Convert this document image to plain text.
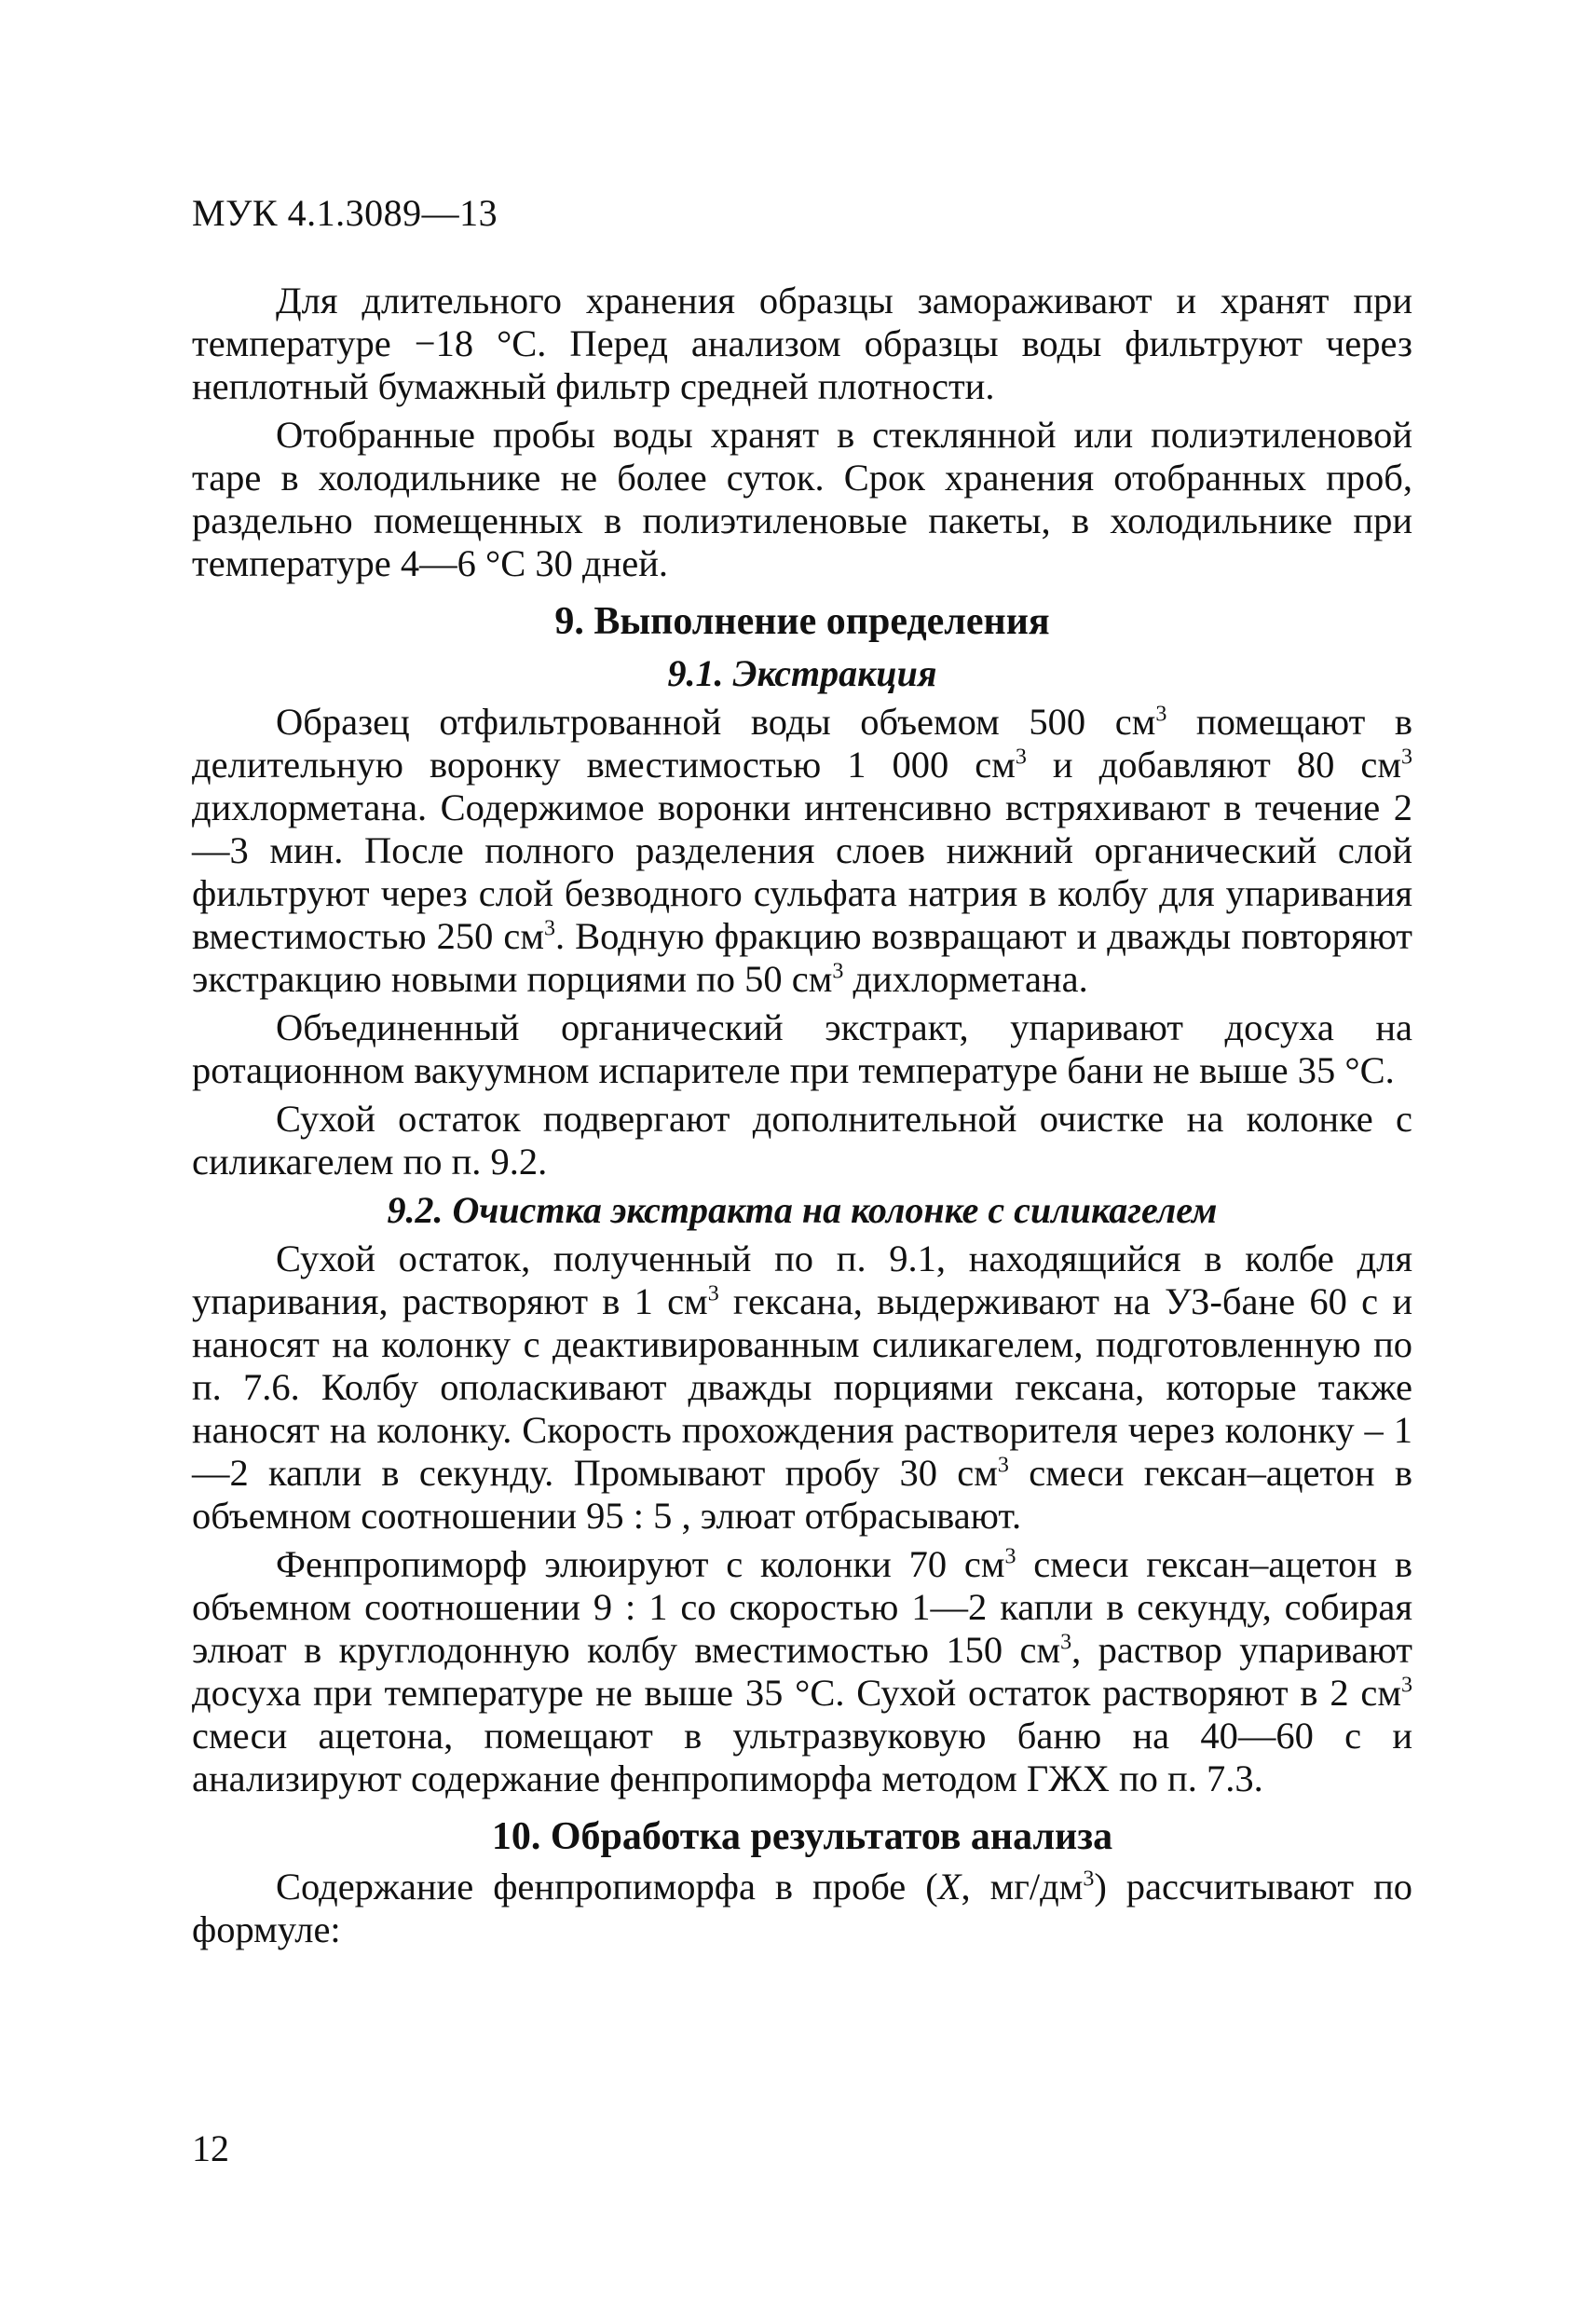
МУК 4.1.3089—13

Для длительного хранения образцы замораживают и хранят при температуре −18 °С. Перед анализом образцы воды фильтруют через неплотный бумажный фильтр средней плотности.

Отобранные пробы воды хранят в стеклянной или полиэтиленовой таре в холодильнике не более суток. Срок хранения отобранных проб, раздельно помещенных в полиэтиленовые пакеты, в холодильнике при температуре 4—6 °С 30 дней.

9. Выполнение определения
9.1. Экстракция

Образец отфильтрованной воды объемом 500 $см^3$ помещают в делительную воронку вместимостью 1 000 $см^3$ и добавляют 80 $см^3$ дихлорметана. Содержимое воронки интенсивно встряхивают в течение 2—3 мин. После полного разделения слоев нижний органический слой фильтруют через слой безводного сульфата натрия в колбу для упаривания вместимостью 250 $см^3$. Водную фракцию возвращают и дважды повторяют экстракцию новыми порциями по 50 $см^3$ дихлорметана.

Объединенный органический экстракт, упаривают досуха на ротационном вакуумном испарителе при температуре бани не выше 35 °С.

Сухой остаток подвергают дополнительной очистке на колонке с силикагелем по п. 9.2.

9.2. Очистка экстракта на колонке с силикагелем

Сухой остаток, полученный по п. 9.1, находящийся в колбе для упаривания, растворяют в 1 $см^3$ гексана, выдерживают на УЗ-бане 60 с и наносят на колонку с деактивированным силикагелем, подготовленную по п. 7.6. Колбу ополаскивают дважды порциями гексана, которые также наносят на колонку. Скорость прохождения растворителя через колонку – 1—2 капли в секунду. Промывают пробу 30 $см^3$ смеси гексан–ацетон в объемном соотношении 95 : 5 , элюат отбрасывают.

Фенпропиморф элюируют с колонки 70 $см^3$ смеси гексан–ацетон в объемном соотношении 9 : 1 со скоростью 1—2 капли в секунду, собирая элюат в круглодонную колбу вместимостью 150 $см^3$, раствор упаривают досуха при температуре не выше 35 °С. Сухой остаток растворяют в 2 $см^3$ смеси ацетона, помещают в ультразвуковую баню на 40—60 с и анализируют содержание фенпропиморфа методом ГЖХ по п. 7.3.

10. Обработка результатов анализа

Содержание фенпропиморфа в пробе (X, $мг/дм^3$) рассчитывают по формуле:

12
